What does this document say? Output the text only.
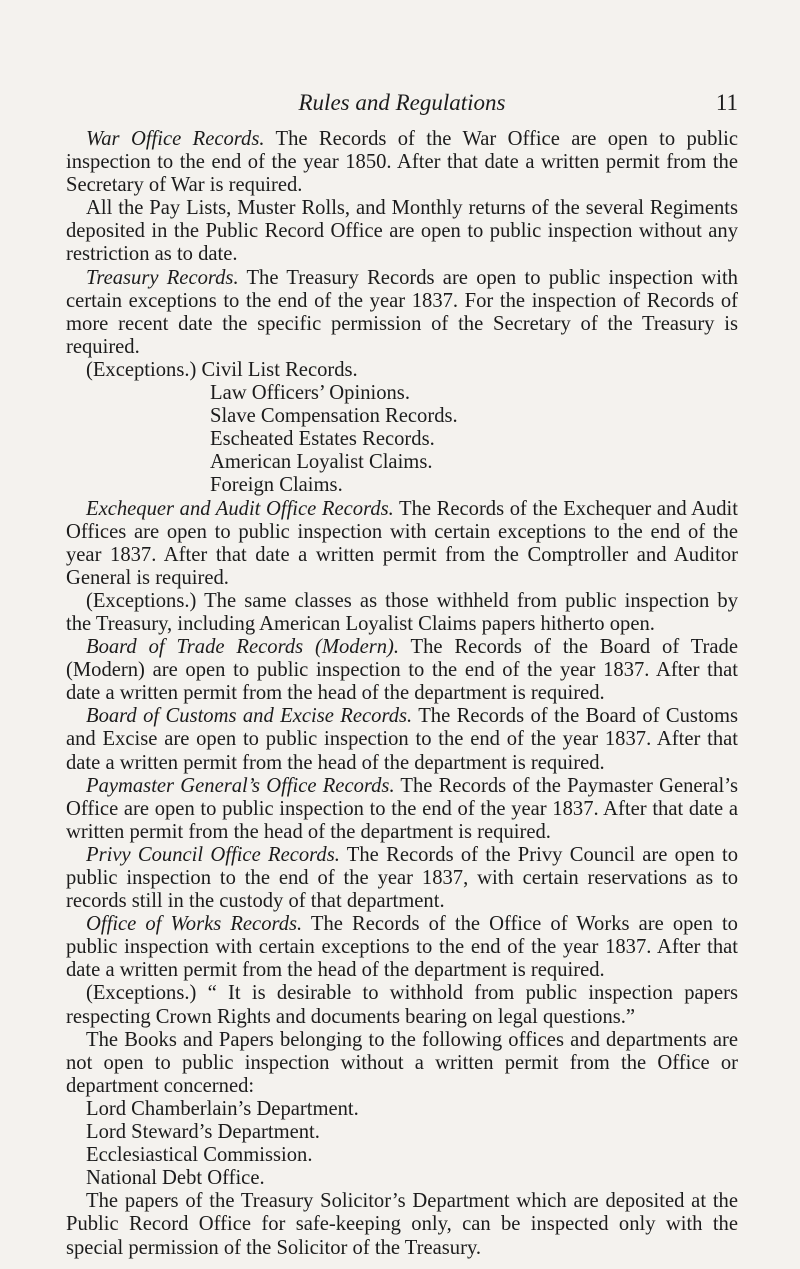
Rules and Regulations	11

War Office Records. The Records of the War Office are open to public inspection to the end of the year 1850. After that date a written permit from the Secretary of War is required.

All the Pay Lists, Muster Rolls, and Monthly returns of the several Regiments deposited in the Public Record Office are open to public inspection without any restriction as to date.

Treasury Records. The Treasury Records are open to public inspection with certain exceptions to the end of the year 1837. For the inspection of Records of more recent date the specific permission of the Secretary of the Treasury is required.

(Exceptions.) Civil List Records.
Law Officers’ Opinions.
Slave Compensation Records.
Escheated Estates Records.
American Loyalist Claims.
Foreign Claims.

Exchequer and Audit Office Records. The Records of the Exchequer and Audit Offices are open to public inspection with certain exceptions to the end of the year 1837. After that date a written permit from the Comptroller and Auditor General is required.

(Exceptions.) The same classes as those withheld from public inspection by the Treasury, including American Loyalist Claims papers hitherto open.

Board of Trade Records (Modern). The Records of the Board of Trade (Modern) are open to public inspection to the end of the year 1837. After that date a written permit from the head of the department is required.

Board of Customs and Excise Records. The Records of the Board of Customs and Excise are open to public inspection to the end of the year 1837. After that date a written permit from the head of the department is required.

Paymaster General’s Office Records. The Records of the Paymaster General’s Office are open to public inspection to the end of the year 1837. After that date a written permit from the head of the department is required.

Privy Council Office Records. The Records of the Privy Council are open to public inspection to the end of the year 1837, with certain reservations as to records still in the custody of that department.

Office of Works Records. The Records of the Office of Works are open to public inspection with certain exceptions to the end of the year 1837. After that date a written permit from the head of the department is required.

(Exceptions.) “ It is desirable to withhold from public inspection papers respecting Crown Rights and documents bearing on legal questions.”

The Books and Papers belonging to the following offices and departments are not open to public inspection without a written permit from the Office or department concerned:

Lord Chamberlain’s Department.
Lord Steward’s Department.
Ecclesiastical Commission.
National Debt Office.

The papers of the Treasury Solicitor’s Department which are deposited at the Public Record Office for safe-keeping only, can be inspected only with the special permission of the Solicitor of the Treasury.
